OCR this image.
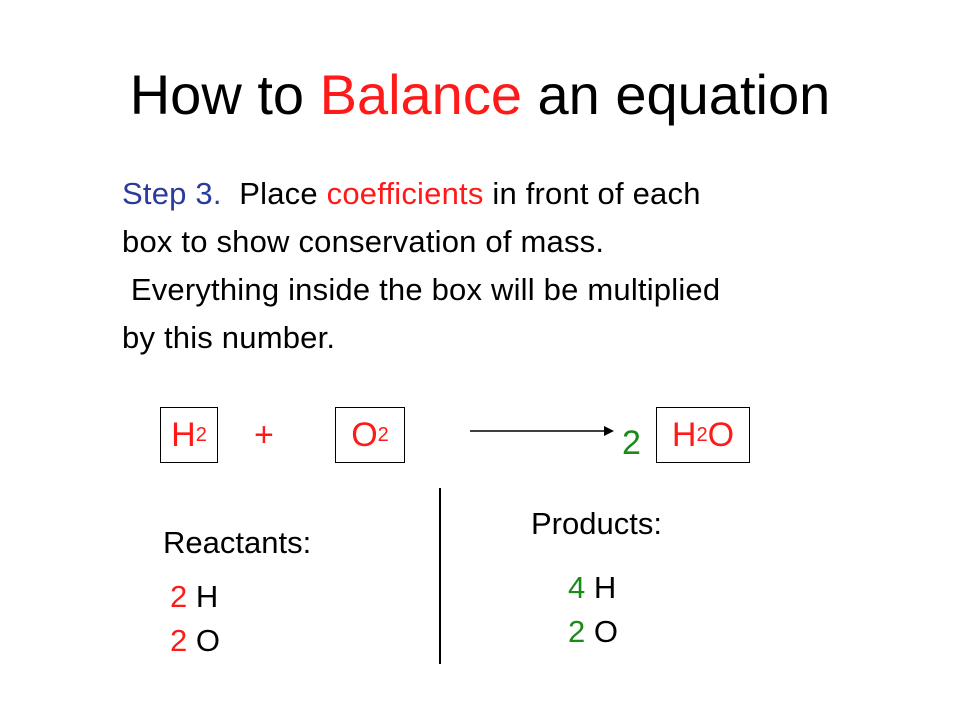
How to Balance an equation

Step 3.  Place coefficients in front of each

box to show conservation of mass.

Everything inside the box will be multiplied

by this number.

H 2 + O 2	2 H 2 O
Reactants:
2 H
2 O
Products:
4 H
2 O
